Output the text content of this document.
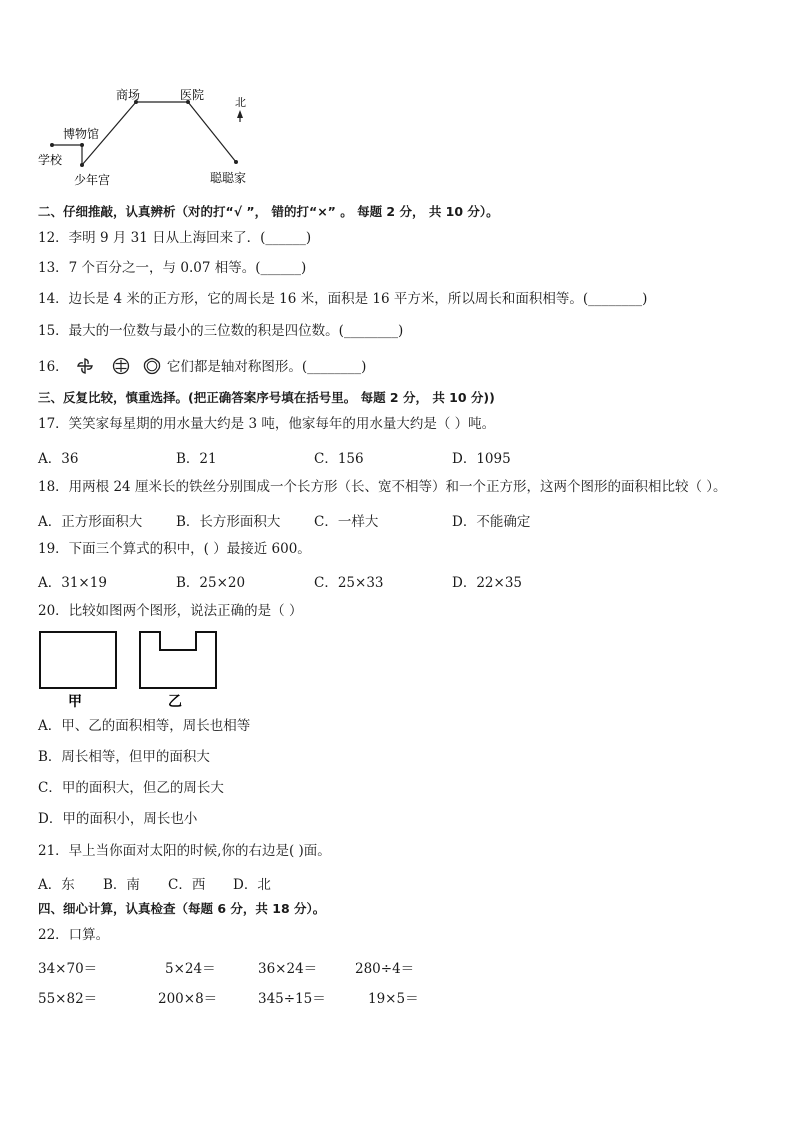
学校
博物馆
少年宫
商场	医院
聪聪家
北
二、仔细推敲，认真辨析（对的打“√ ”， 错的打“×” 。 每题 2 分， 共 10 分）。
12．李明 9 月 31 日从上海回来了．(______)
13．7 个百分之一，与 0.07 相等。(______)
14．边长是 4 米的正方形，它的周长是 16 米，面积是 16 平方米，所以周长和面积相等。(________)
15．最大的一位数与最小的三位数的积是四位数。(________)
16．	它们都是轴对称图形。(________)
三、反复比较，慎重选择。(把正确答案序号填在括号里。 每题 2 分， 共 10 分))
17．笑笑家每星期的用水量大约是 3 吨，他家每年的用水量大约是（ ）吨。
A．36	B．21	C．156	D．1095
18．用两根 24 厘米长的铁丝分别围成一个长方形（长、宽不相等）和一个正方形，这两个图形的面积相比较（ ）。
A．正方形面积大	B．长方形面积大 C．一样大	D．不能确定
19．下面三个算式的积中，( ）最接近 600。
A．31×19	B．25×20	C．25×33	D．22×35
20．比较如图两个图形，说法正确的是（ ）
甲	乙
A．甲、乙的面积相等，周长也相等
B．周长相等，但甲的面积大
C．甲的面积大，但乙的周长大
D．甲的面积小，周长也小
21．早上当你面对太阳的时候,你的右边是( )面。
A．东 B．南 C．西 D．北
四、细心计算，认真检查（每题 6 分，共 18 分）。
22．口算。
34×70＝	5×24＝	36×24＝	280÷4＝
55×82＝	200×8＝	345÷15＝	19×5＝
